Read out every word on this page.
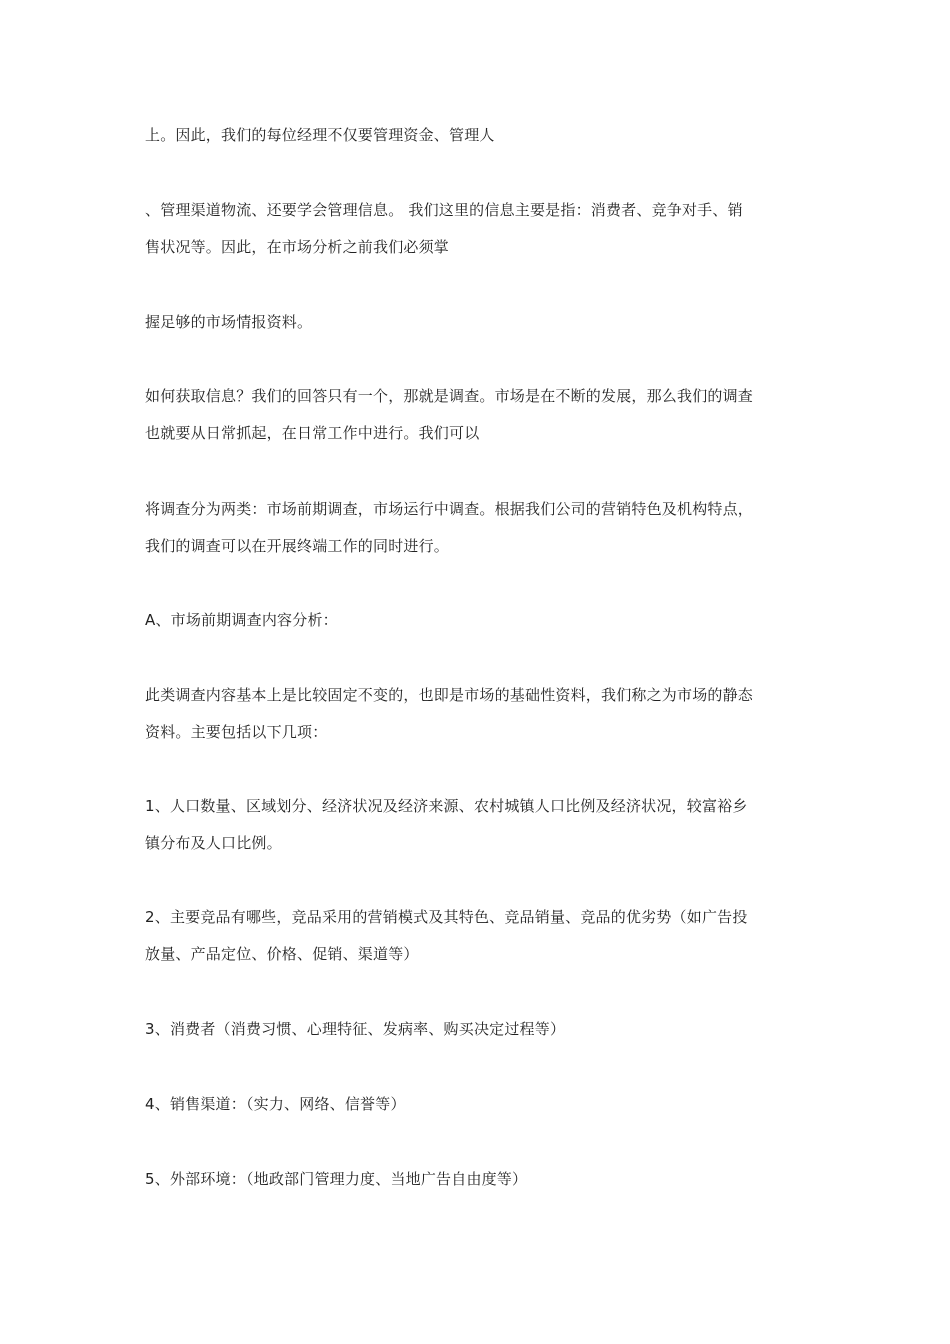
上。因此，我们的每位经理不仅要管理资金、管理人

、管理渠道物流、还要学会管理信息。 我们这里的信息主要是指：消费者、竞争对手、销
售状况等。因此，在市场分析之前我们必须掌

握足够的市场情报资料。

如何获取信息？我们的回答只有一个，那就是调查。市场是在不断的发展，那么我们的调查
也就要从日常抓起，在日常工作中进行。我们可以

将调查分为两类：市场前期调查，市场运行中调查。根据我们公司的营销特色及机构特点，
我们的调查可以在开展终端工作的同时进行。

A、市场前期调查内容分析：

此类调查内容基本上是比较固定不变的，也即是市场的基础性资料，我们称之为市场的静态
资料。主要包括以下几项：

1、人口数量、区域划分、经济状况及经济来源、农村城镇人口比例及经济状况，较富裕乡
镇分布及人口比例。

2、主要竞品有哪些，竞品采用的营销模式及其特色、竞品销量、竞品的优劣势（如广告投
放量、产品定位、价格、促销、渠道等）

3、消费者（消费习惯、心理特征、发病率、购买决定过程等）

4、销售渠道：（实力、网络、信誉等）

5、外部环境：（地政部门管理力度、当地广告自由度等）
